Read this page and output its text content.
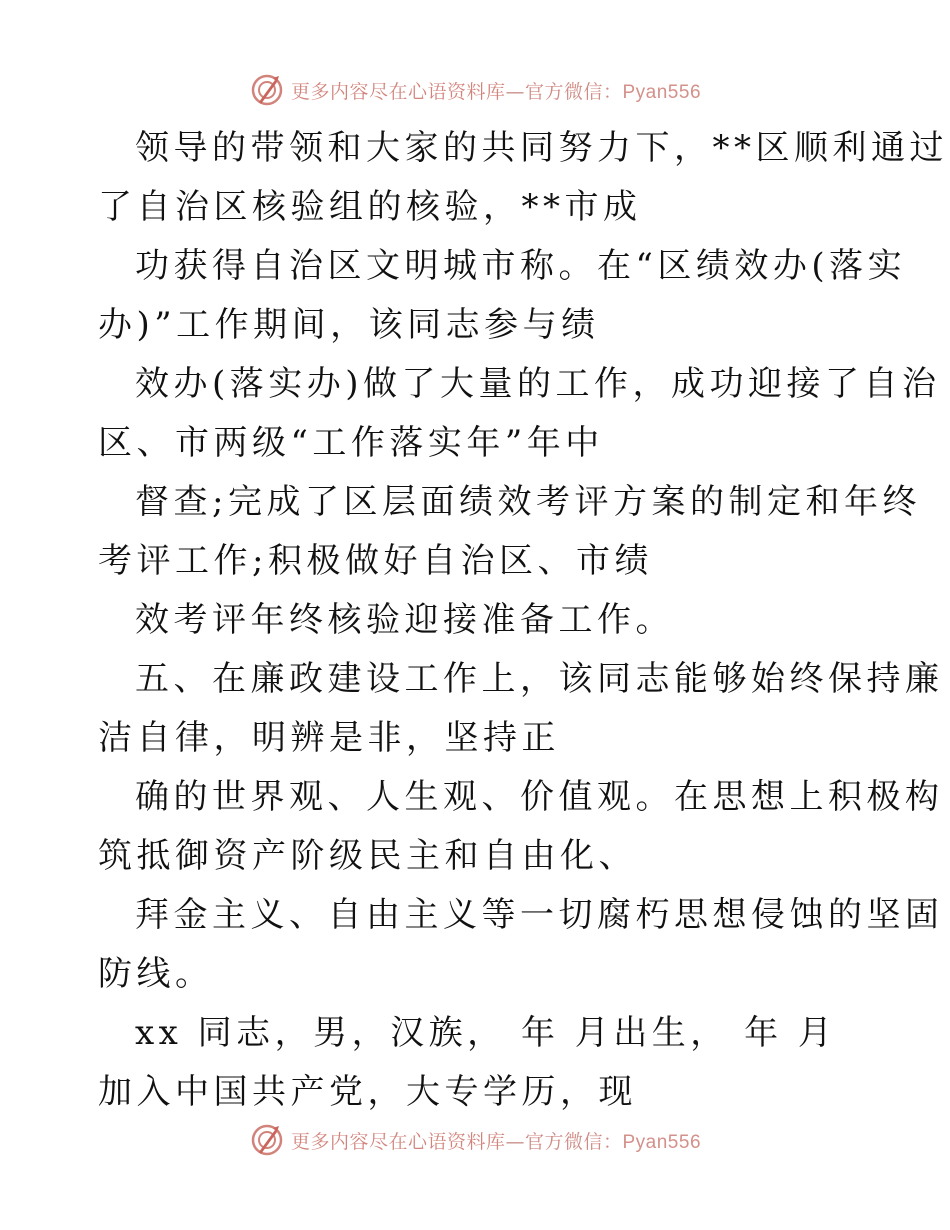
更多内容尽在心语资料库—官方微信：Pyan556
领导的带领和大家的共同努力下，**区顺利通过
了自治区核验组的核验，**市成
功获得自治区文明城市称。在“区绩效办(落实
办)”工作期间，该同志参与绩
效办(落实办)做了大量的工作，成功迎接了自治
区、市两级“工作落实年”年中
督查;完成了区层面绩效考评方案的制定和年终
考评工作;积极做好自治区、市绩
效考评年终核验迎接准备工作。
五、在廉政建设工作上，该同志能够始终保持廉
洁自律，明辨是非，坚持正
确的世界观、人生观、价值观。在思想上积极构
筑抵御资产阶级民主和自由化、
拜金主义、自由主义等一切腐朽思想侵蚀的坚固
防线。
xx 同志，男，汉族， 年 月出生， 年 月
加入中国共产党，大专学历，现
更多内容尽在心语资料库—官方微信：Pyan556
